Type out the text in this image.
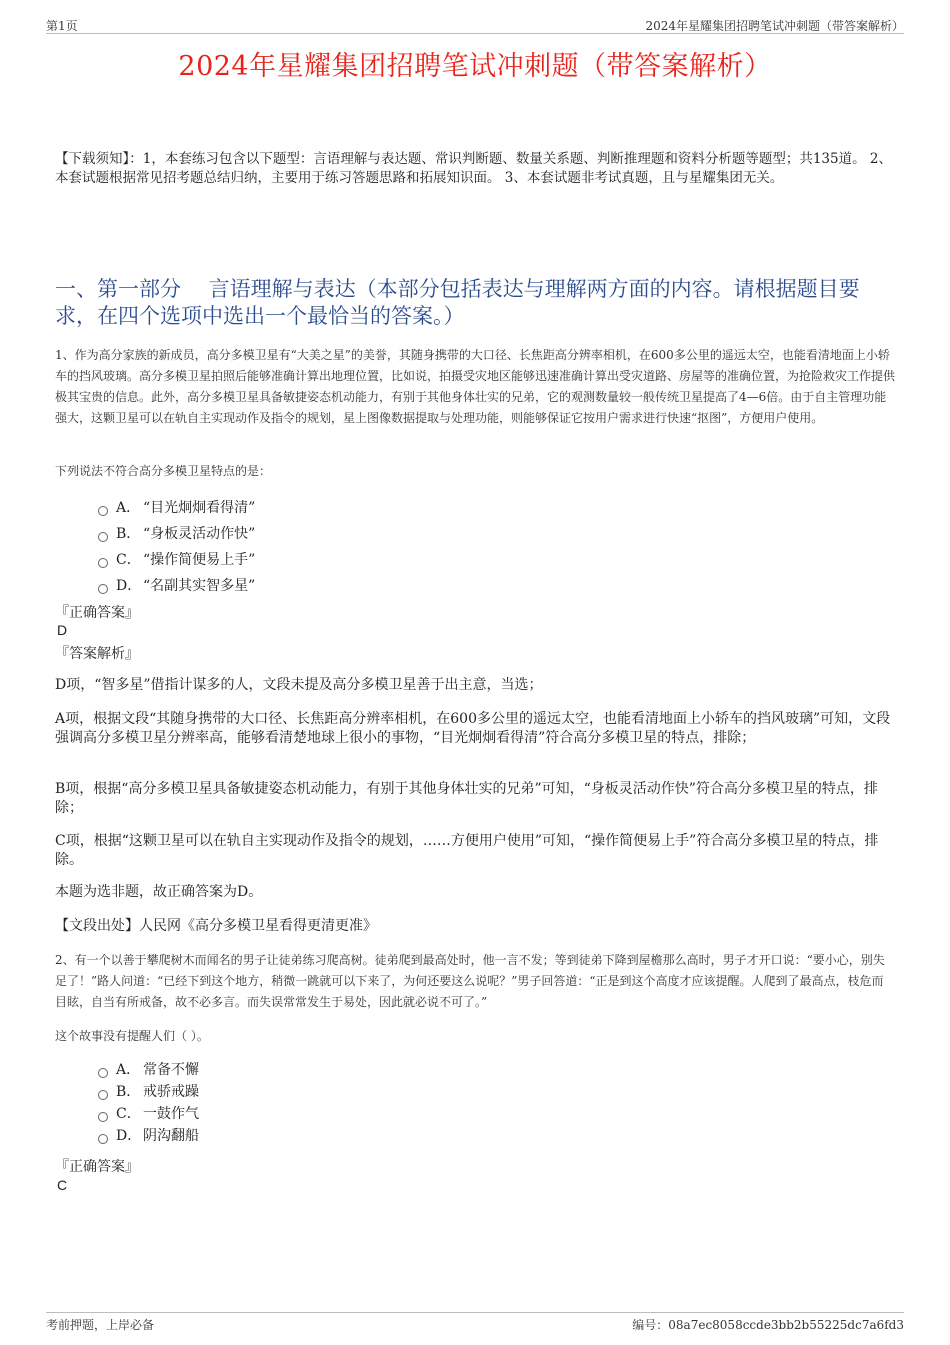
第1页	2024年星耀集团招聘笔试冲刺题（带答案解析）
2024年星耀集团招聘笔试冲刺题（带答案解析）
【下载须知】：1，本套练习包含以下题型：言语理解与表达题、常识判断题、数量关系题、判断推理题和资料分析题等题型；共135道。 2、本套试题根据常见招考题总结归纳，主要用于练习答题思路和拓展知识面。 3、本套试题非考试真题，且与星耀集团无关。
一、第一部分　 言语理解与表达（本部分包括表达与理解两方面的内容。请根据题目要求，在四个选项中选出一个最恰当的答案。）
1、作为高分家族的新成员，高分多模卫星有“大美之星”的美誉，其随身携带的大口径、长焦距高分辨率相机，在600多公里的遥远太空，也能看清地面上小轿车的挡风玻璃。高分多模卫星拍照后能够准确计算出地理位置，比如说，拍摄受灾地区能够迅速准确计算出受灾道路、房屋等的准确位置，为抢险救灾工作提供极其宝贵的信息。此外，高分多模卫星具备敏捷姿态机动能力，有别于其他身体壮实的兄弟，它的观测数量较一般传统卫星提高了4—6倍。由于自主管理功能强大，这颗卫星可以在轨自主实现动作及指令的规划，星上图像数据提取与处理功能，则能够保证它按用户需求进行快速“抠图”，方便用户使用。
下列说法不符合高分多模卫星特点的是：
A． “目光炯炯看得清”
B． “身板灵活动作快”
C． “操作简便易上手”
D． “名副其实智多星”
『正确答案』
D
『答案解析』
D项，“智多星”借指计谋多的人，文段未提及高分多模卫星善于出主意，当选；
A项，根据文段“其随身携带的大口径、长焦距高分辨率相机，在600多公里的遥远太空，也能看清地面上小轿车的挡风玻璃”可知，文段强调高分多模卫星分辨率高，能够看清楚地球上很小的事物，“目光炯炯看得清”符合高分多模卫星的特点，排除；
B项，根据“高分多模卫星具备敏捷姿态机动能力，有别于其他身体壮实的兄弟”可知，“身板灵活动作快”符合高分多模卫星的特点，排除；
C项，根据“这颗卫星可以在轨自主实现动作及指令的规划，……方便用户使用”可知，“操作简便易上手”符合高分多模卫星的特点，排除。
本题为选非题，故正确答案为D。
【文段出处】人民网《高分多模卫星看得更清更准》
2、有一个以善于攀爬树木而闻名的男子让徒弟练习爬高树。徒弟爬到最高处时，他一言不发；等到徒弟下降到屋檐那么高时，男子才开口说：“要小心，别失足了！”路人问道：“已经下到这个地方，稍微一跳就可以下来了，为何还要这么说呢？”男子回答道：“正是到这个高度才应该提醒。人爬到了最高点，枝危而目眩，自当有所戒备，故不必多言。而失误常常发生于易处，因此就必说不可了。”
这个故事没有提醒人们（ ）。
A． 常备不懈
B． 戒骄戒躁
C． 一鼓作气
D． 阴沟翻船
『正确答案』
C
考前押题，上岸必备	编号：08a7ec8058ccde3bb2b55225dc7a6fd3
